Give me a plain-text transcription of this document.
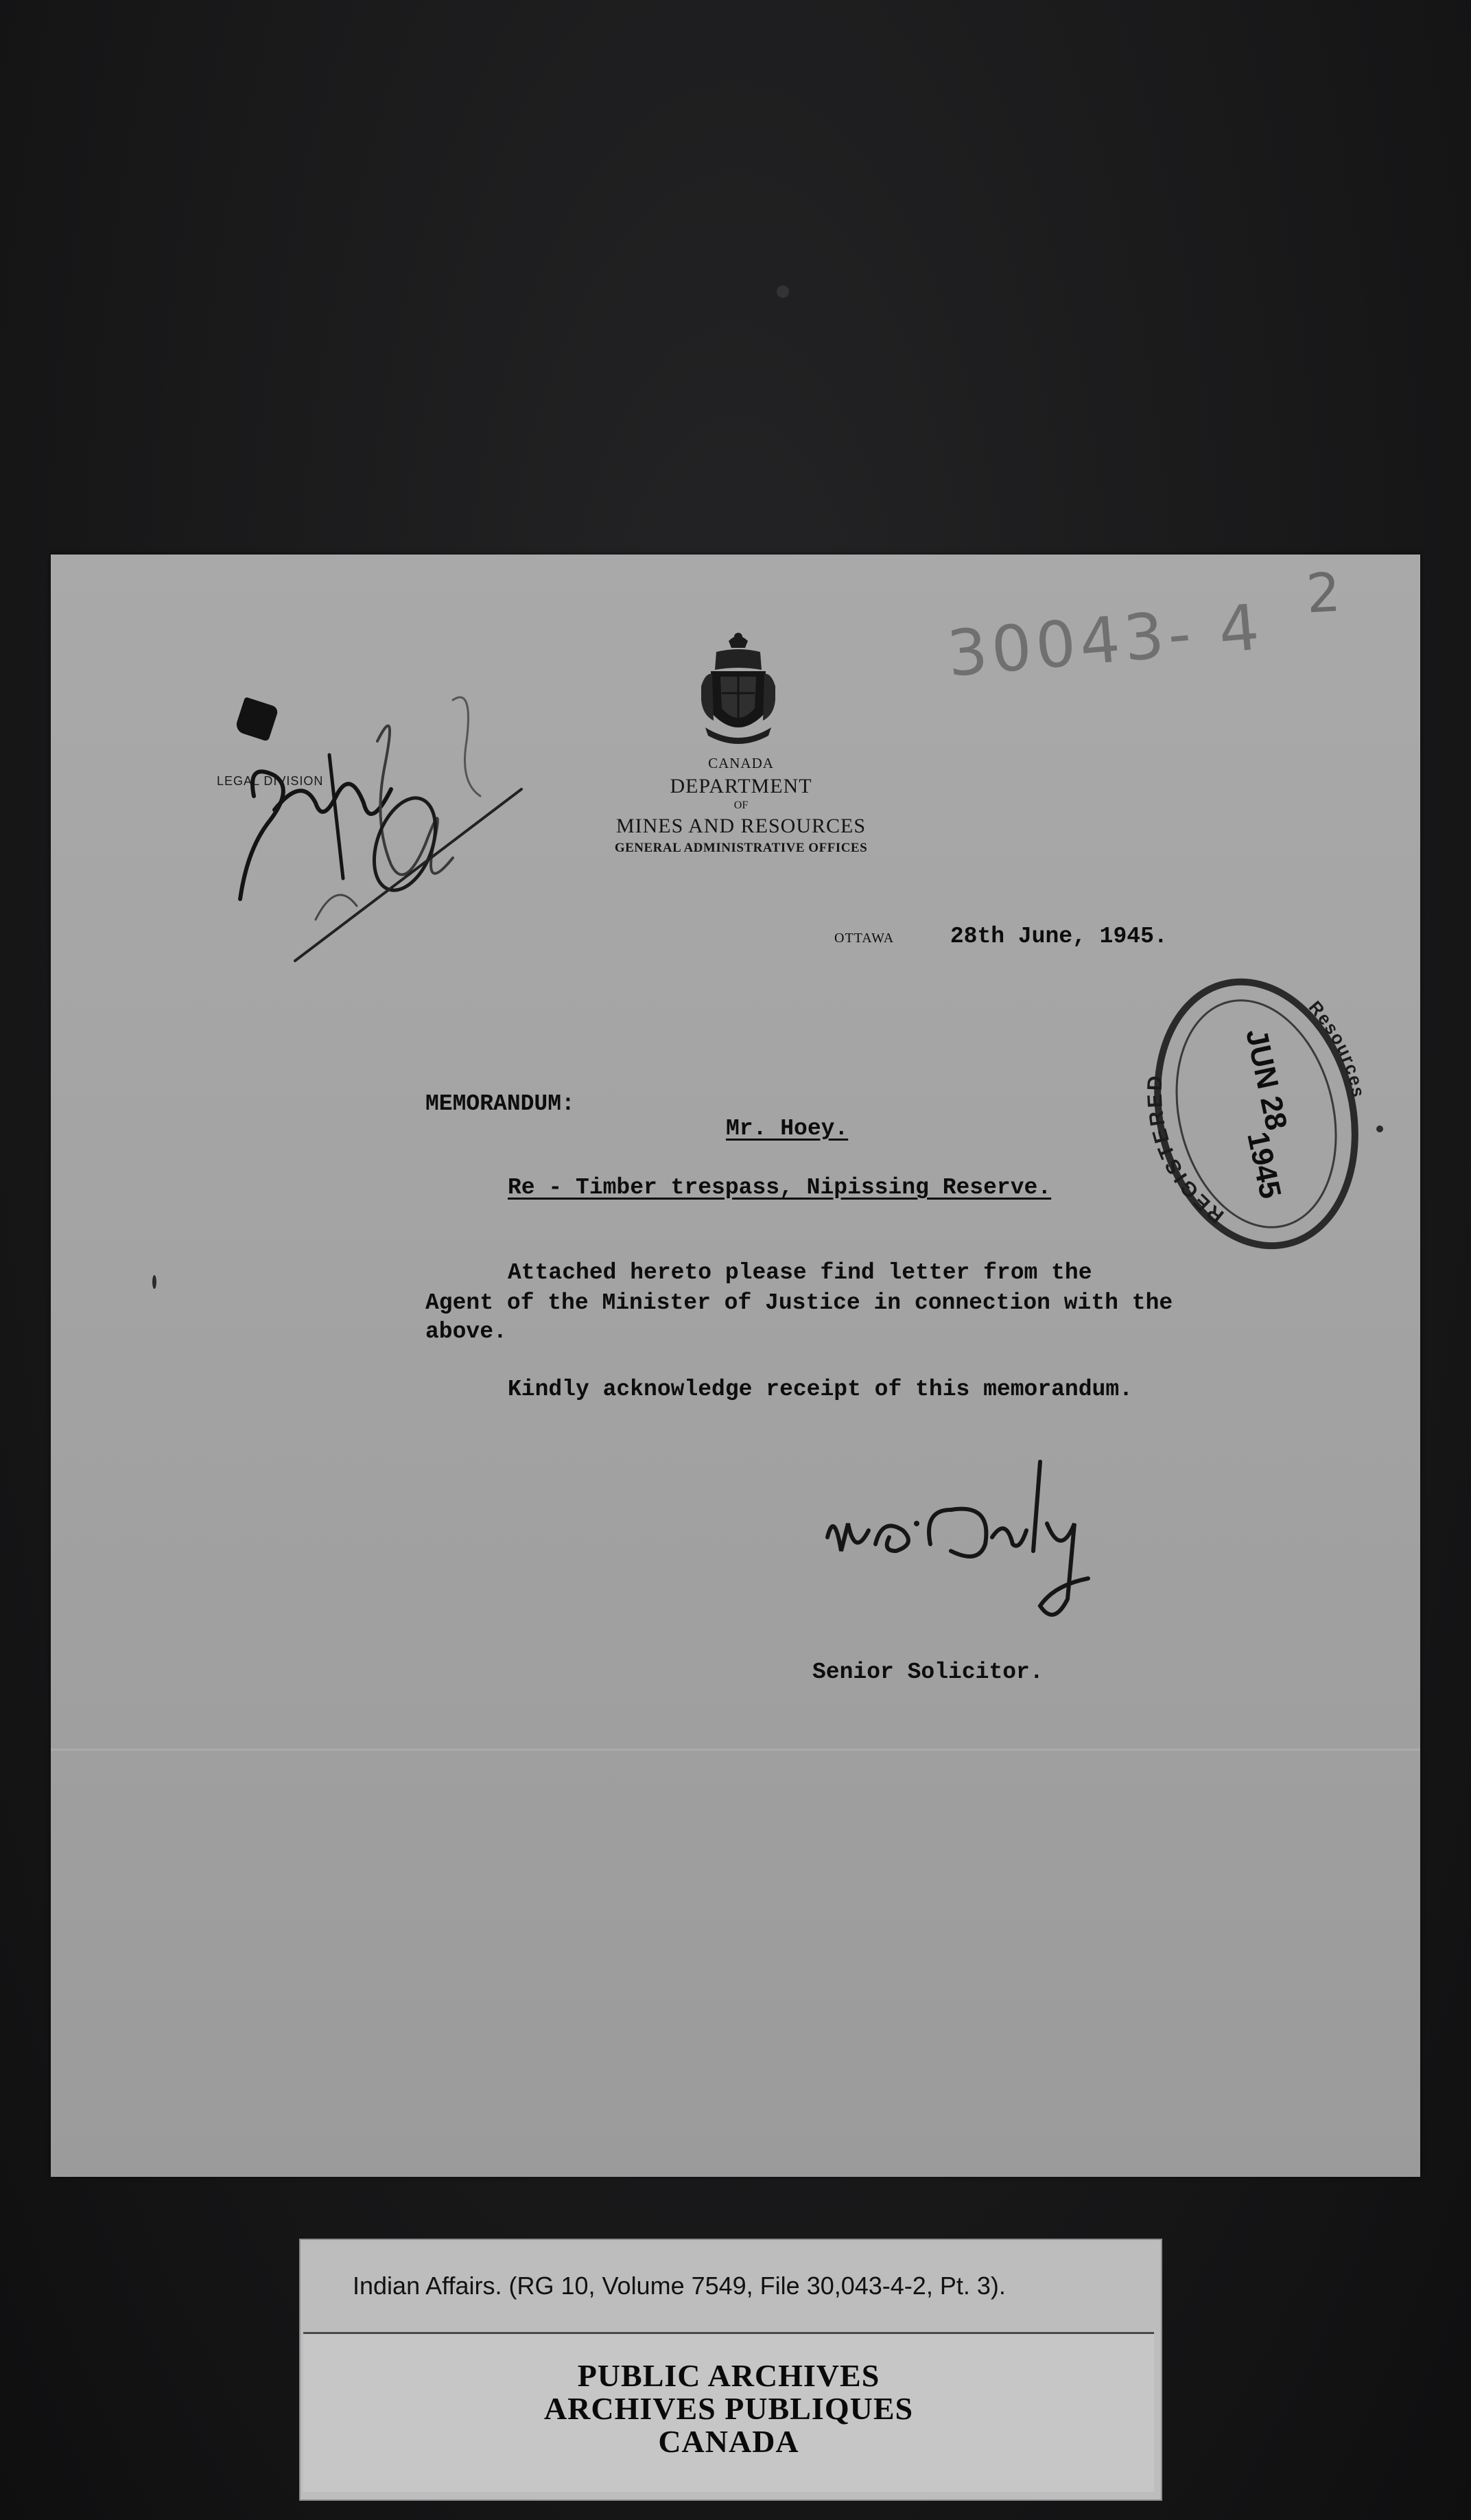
30043- 4 2

CANADA
DEPARTMENT
OF
MINES AND RESOURCES
GENERAL ADMINISTRATIVE OFFICES
LEGAL DIVISION
OTTAWA 28th June, 1945.
REGISTERED
Resources
JUN 28
1945

MEMORANDUM:

Mr. Hoey.

Re - Timber trespass, Nipissing Reserve.

Attached hereto please find letter from the

Agent of the Minister of Justice in connection with the

above.

Kindly acknowledge receipt of this memorandum.

Senior Solicitor.

Indian Affairs. (RG 10, Volume 7549, File 30,043-4-2, Pt. 3).

PUBLIC ARCHIVES

ARCHIVES PUBLIQUES

CANADA
